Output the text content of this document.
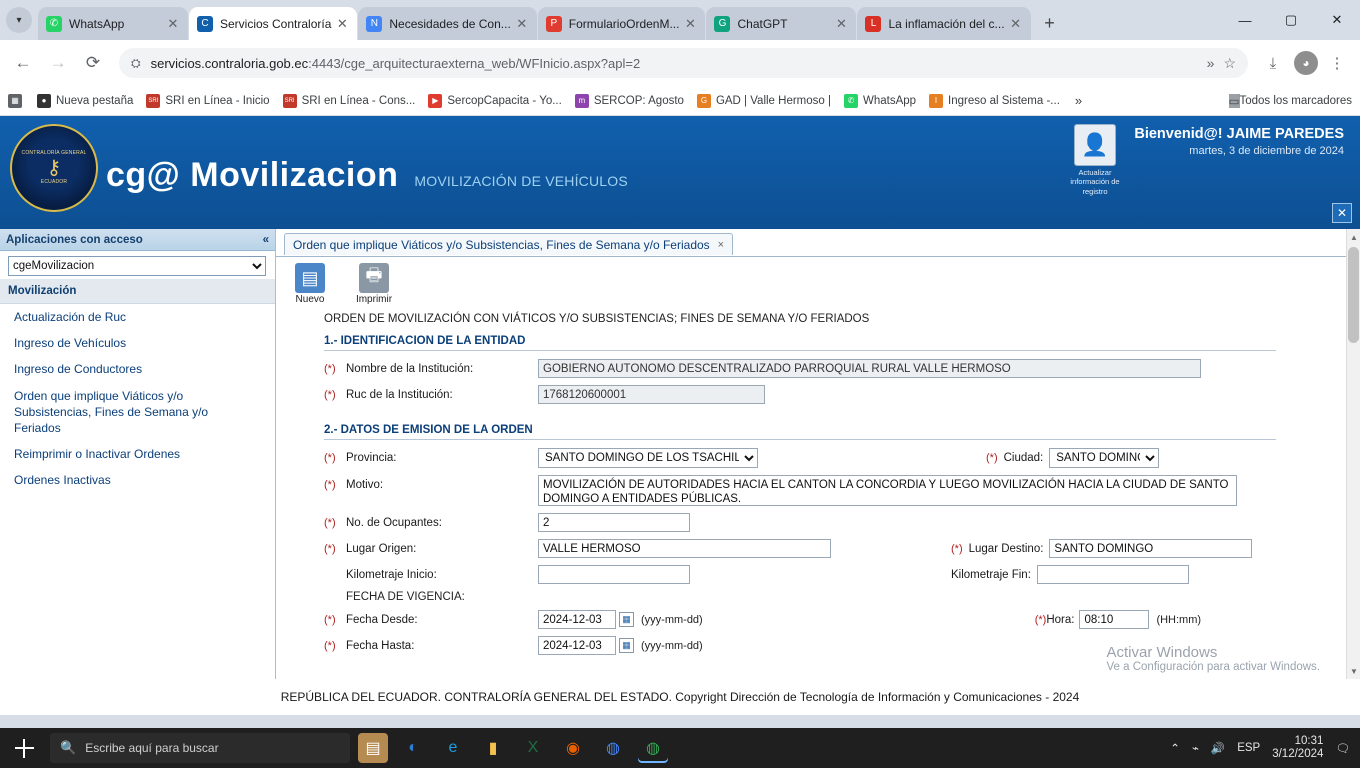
▾	✆ WhatsApp	✕	C Servicios Contraloría ✕	N Necesidades de Con... ✕	P FormularioOrdenM... ✕	G ChatGPT	✕	L	La inflamación del c... ✕	+	—	▢	✕
←	→	⟳	⛭ servicios.contraloria.gob.ec:4443/cge_arquitecturaexterna_web/WFInicio.aspx?apl=2	» ☆	⤓	◕	⋮
▦	● Nueva pestaña	SRI SRI en Línea - Inicio	SRI SRI en Línea - Cons...	▶ SercopCapacita - Yo...	m SERCOP: Agosto	G GAD | Valle Hermoso |	✆ WhatsApp	I Ingreso al Sistema -... »	▭ Todos los marcadores
CONTRALORÍA GENERAL
⚷
ECUADOR	cg@ Movilizacion MOVILIZACIÓN DE VEHÍCULOS
👤
Actualizar información de registro
Bienvenid@! JAIME PAREDES
martes, 3 de diciembre de 2024
✕
Aplicaciones con acceso	«
cgeMovilizacion
Movilización
Actualización de Ruc
Ingreso de Vehículos
Ingreso de Conductores
Orden que implique Viáticos y/o Subsistencias, Fines de Semana y/o Feriados
Reimprimir o Inactivar Ordenes
Ordenes Inactivas
Orden que implique Viáticos y/o Subsistencias, Fines de Semana y/o Feriados ×
▤
Nuevo
🖶
Imprimir
ORDEN DE MOVILIZACIÓN CON VIÁTICOS Y/O SUBSISTENCIAS; FINES DE SEMANA Y/O FERIADOS
1.- IDENTIFICACION DE LA ENTIDAD
(*) Nombre de la Institución:
GOBIERNO AUTÓNOMO DESCENTRALIZADO PARROQUIAL RURAL VALLE HERMOSO
(*) Ruc de la Institución:
1768120600001
2.- DATOS DE EMISION DE LA ORDEN
(*) Provincia:
SANTO DOMINGO DE LOS TSACHILAS	(*) Ciudad:
SANTO DOMINGO
(*) Motivo:
MOVILIZACIÓN DE AUTORIDADES HACIA EL CANTON LA CONCORDIA Y LUEGO MOVILIZACIÓN HACIA LA CIUDAD DE SANTO DOMINGO A ENTIDADES PÚBLICAS.
(*) No. de Ocupantes:
2
(*) Lugar Origen:
VALLE HERMOSO	(*) Lugar Destino:
SANTO DOMINGO
Kilometraje Inicio:	Kilometraje Fin:
FECHA DE VIGENCIA:
(*) Fecha Desde:
2024-12-03	▦ (yyy-mm-dd)	(*) Hora:
08:10	(HH:mm)
(*) Fecha Hasta:
2024-12-03	▦ (yyy-mm-dd)	Activar Windows
Ve a Configuración para activar Windows.
▲
▼
REPÚBLICA DEL ECUADOR. CONTRALORÍA GENERAL DEL ESTADO. Copyright Dirección de Tecnología de Información y Comunicaciones - 2024
🔍 Escribe aquí para buscar	▤	◐	e	▮	X	◉	◍	◍	⌃ ⌁ 🔊 ESP
10:31
3/12/2024 🗨
